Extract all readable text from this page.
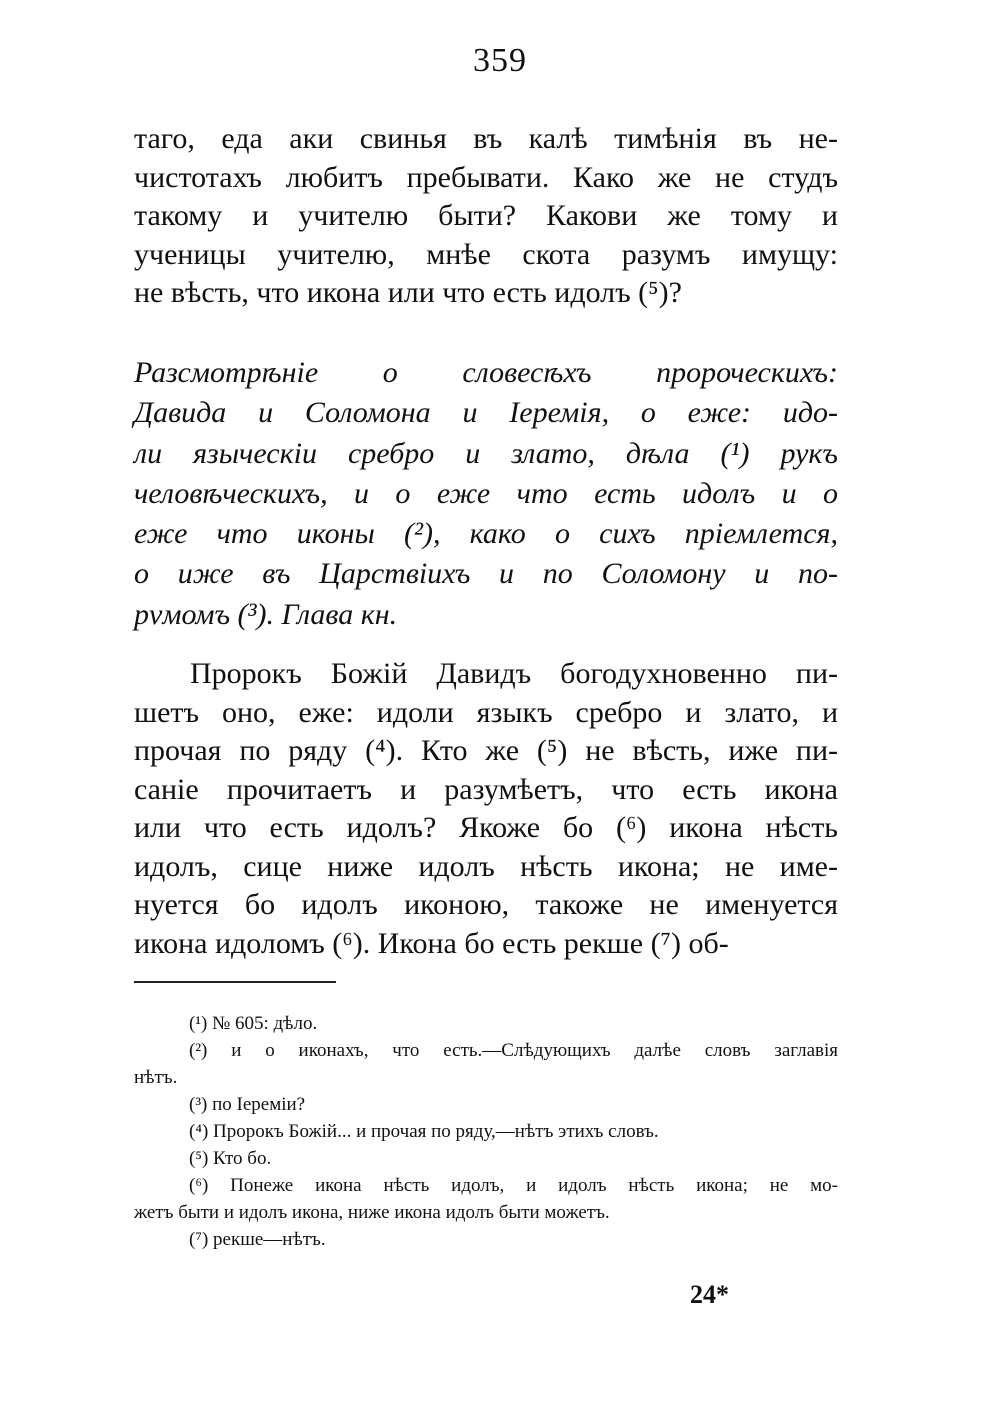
359
таго, еда аки свинья въ калѣ тимѣнія въ не-
чистотахъ любитъ пребывати. Како же не студъ
такому и учителю быти? Какови же тому и
ученицы учителю, мнѣе скота разумъ имущу:
не вѣсть, что икона или что есть идолъ (⁵)?
Разсмотрѣніе о словесѣхъ пророческихъ:
Давида и Соломона и Іеремія, о еже: идо-
ли языческіи сребро и злато, дѣла (¹) рукъ
человѣческихъ, и о еже что есть идолъ и о
еже что иконы (²), како о сихъ пріемлется,
о иже въ Царствіихъ и по Соломону и по-
рvмомъ (³). Глава кн.
Пророкъ Божій Давидъ богодухновенно пи-
шетъ оно, еже: идоли языкъ сребро и злато, и
прочая по ряду (⁴). Кто же (⁵) не вѣсть, иже пи-
саніе прочитаетъ и разумѣетъ, что есть икона
или что есть идолъ? Якоже бо (⁶) икона нѣсть
идолъ, сице ниже идолъ нѣсть икона; не име-
нуется бо идолъ иконою, такоже не именуется
икона идоломъ (⁶). Икона бо есть рекше (⁷) об-
(¹) № 605: дѣло.
(²) и о иконахъ, что есть.—Слѣдующихъ далѣе словъ заглавія
нѣтъ.
(³) по Іереміи?
(⁴) Пророкъ Божій... и прочая по ряду,—нѣтъ этихъ словъ.
(⁵) Кто бо.
(⁶) Понеже икона нѣсть идолъ, и идолъ нѣсть икона; не мо-
жетъ быти и идолъ икона, ниже икона идолъ быти можетъ.
(⁷) рекше—нѣтъ.
24*
